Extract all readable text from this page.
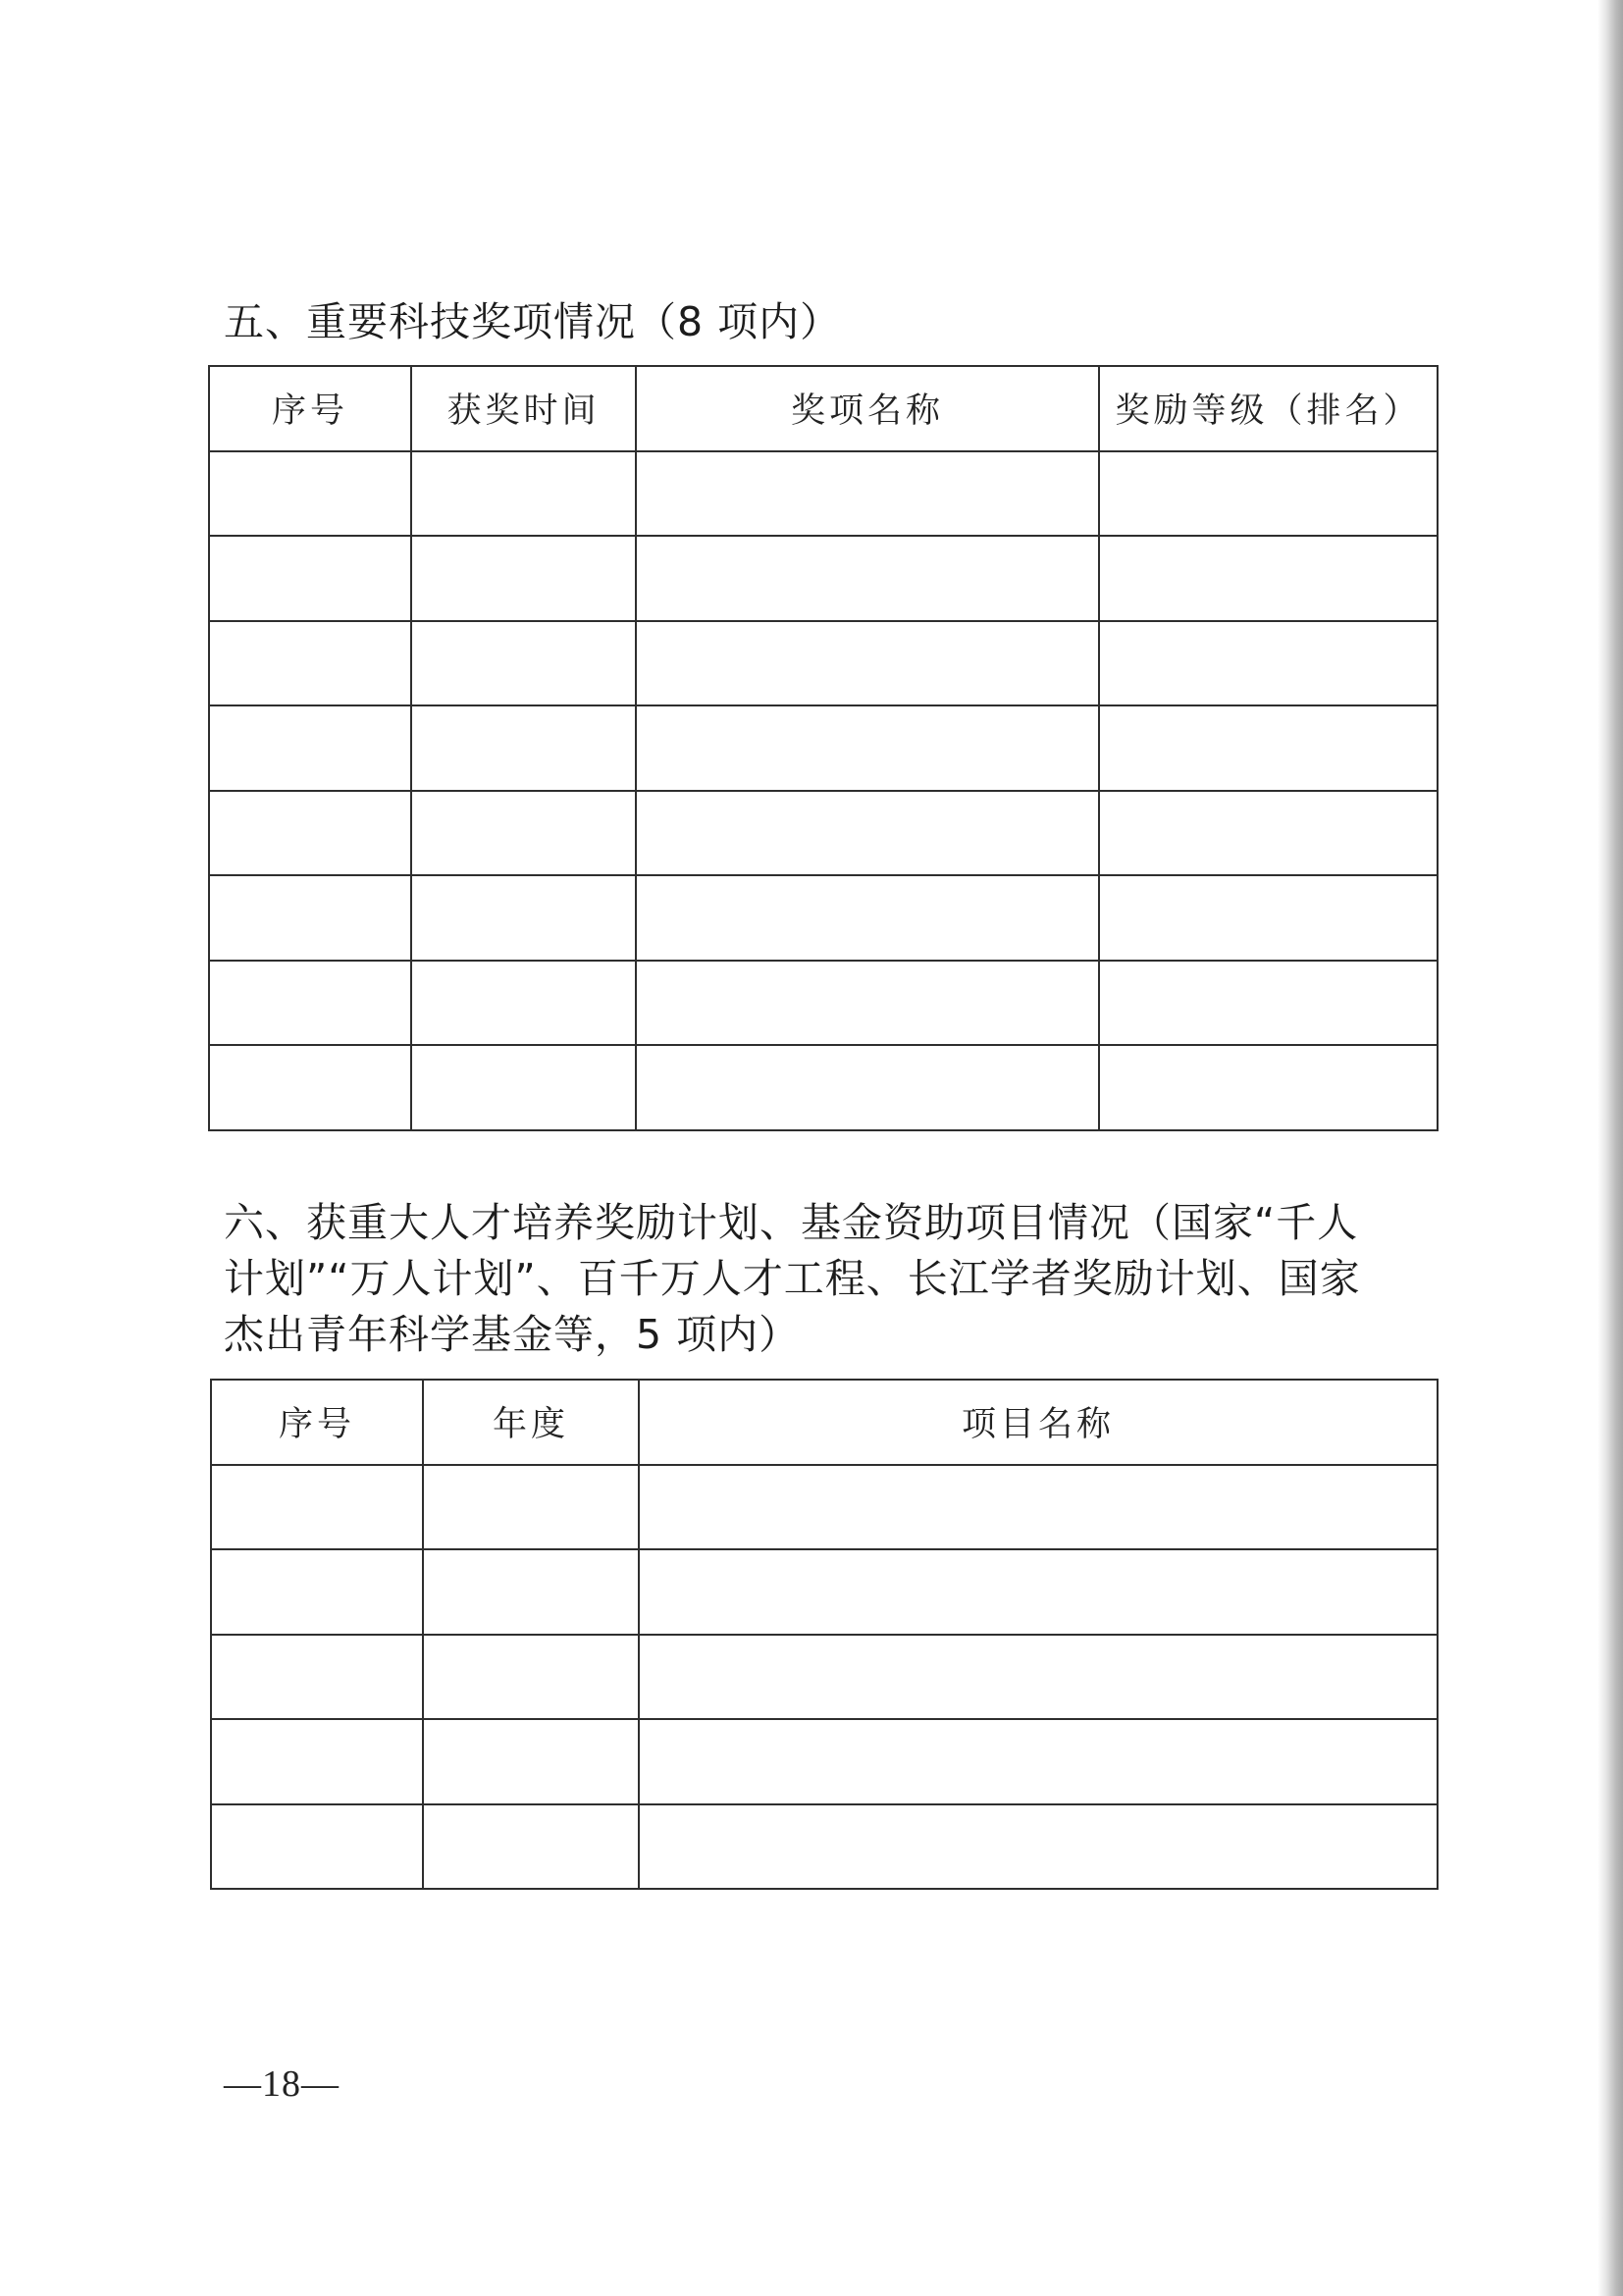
五、重要科技奖项情况（8 项内）
序号	获奖时间	奖项名称	奖励等级（排名）

六、获重大人才培养奖励计划、基金资助项目情况（国家“千人
计划”“万人计划”、百千万人才工程、长江学者奖励计划、国家
杰出青年科学基金等，5 项内）
序号	年度	项目名称

—18—
